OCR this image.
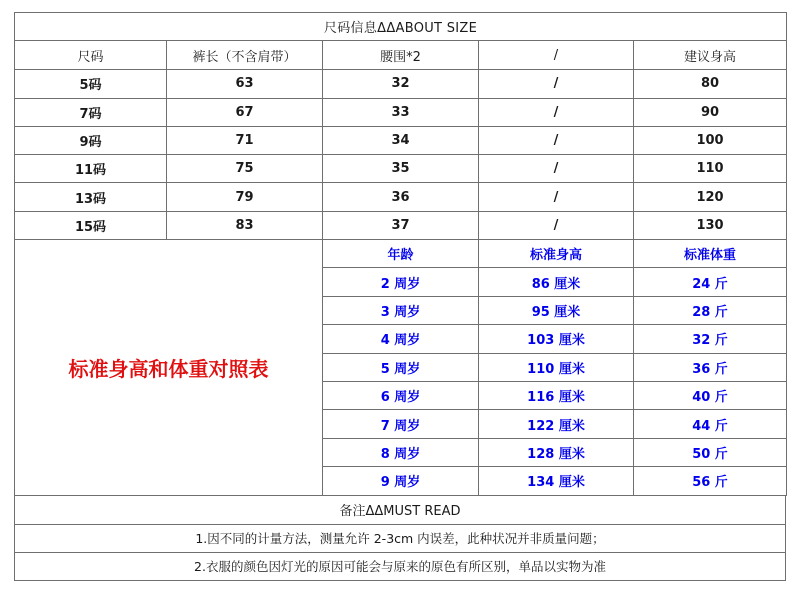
尺码信息ΔΔABOUT SIZE				
尺码	裤长（不含肩带）	腰围*2	/	建议身高
5码	63	32	/	80
7码	67	33	/	90
9码	71	34	/	100
11码	75	35	/	110
13码	79	36	/	120
15码	83	37	/	130
标准身高和体重对照表	年龄	标准身高	标准体重
	2 周岁	86 厘米	24 斤
	3 周岁	95 厘米	28 斤
	4 周岁	103 厘米	32 斤
	5 周岁	110 厘米	36 斤
	6 周岁	116 厘米	40 斤
	7 周岁	122 厘米	44 斤
	8 周岁	128 厘米	50 斤
	9 周岁	134 厘米	56 斤
备注ΔΔMUST READ
1.因不同的计量方法，测量允许 2-3cm 内误差，此种状况并非质量问题；
2.衣服的颜色因灯光的原因可能会与原来的原色有所区别，单品以实物为准
